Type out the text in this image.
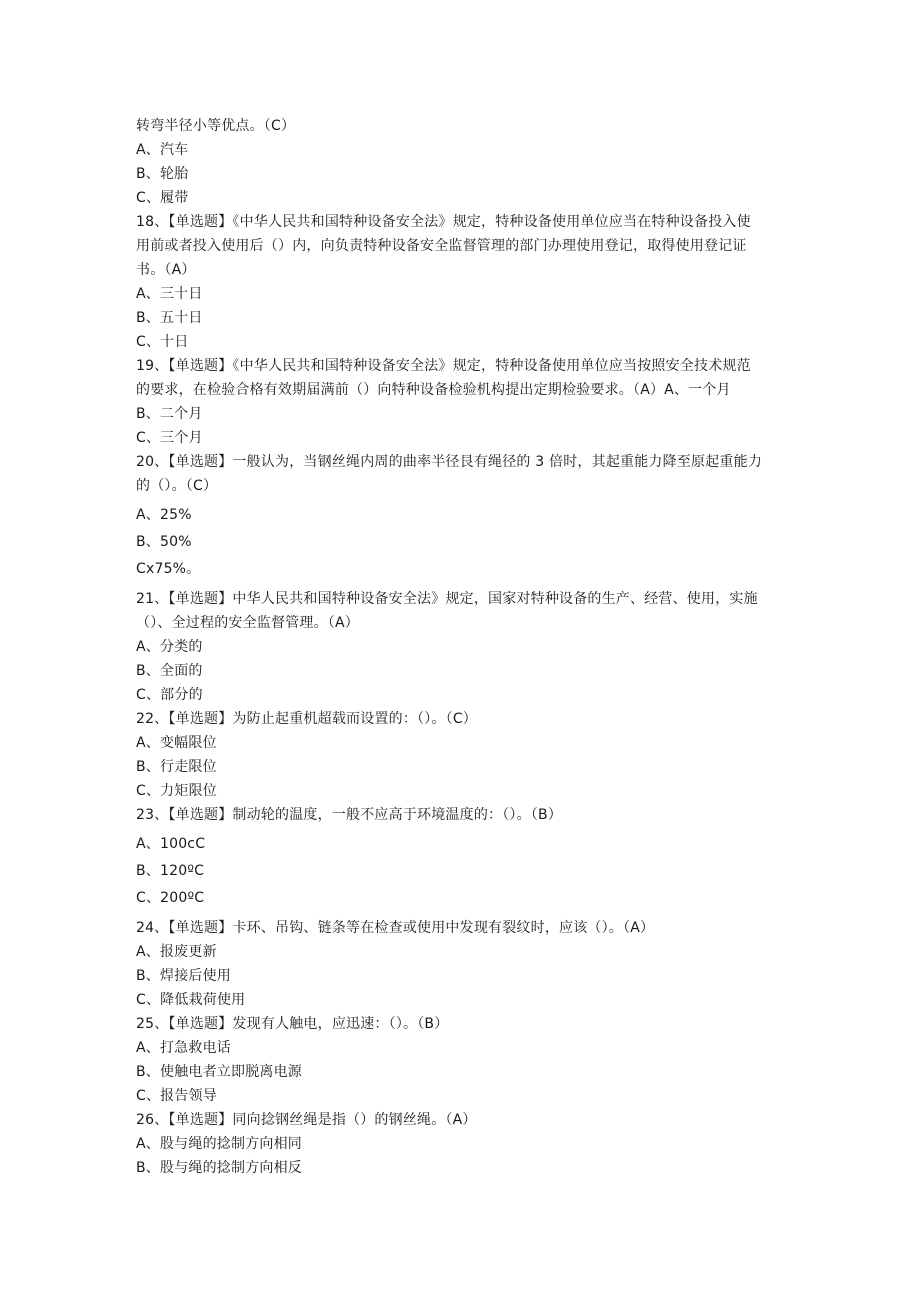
转弯半径小等优点。（C）
A、汽车
B、轮胎
C、履带
18、【单选题】《中华人民共和国特种设备安全法》规定，特种设备使用单位应当在特种设备投入使
用前或者投入使用后（）内，向负责特种设备安全监督管理的部门办理使用登记，取得使用登记证
书。（A）
A、三十日
B、五十日
C、十日
19、【单选题】《中华人民共和国特种设备安全法》规定，特种设备使用单位应当按照安全技术规范
的要求，在检验合格有效期届满前（）向特种设备检验机构提出定期检验要求。（A）A、一个月
B、二个月
C、三个月
20、【单选题】一般认为，当钢丝绳内周的曲率半径艮有绳径的 3 倍时，其起重能力降至原起重能力
的（）。（C）
A、25%
B、50%
Cx75%。
21、【单选题】中华人民共和国特种设备安全法》规定，国家对特种设备的生产、经营、使用，实施
（）、全过程的安全监督管理。（A）
A、分类的
B、全面的
C、部分的
22、【单选题】为防止起重机超载而设置的：（）。（C）
A、变幅限位
B、行走限位
C、力矩限位
23、【单选题】制动轮的温度，一般不应高于环境温度的：（）。（B）
A、100cC
B、120ºC
C、200ºC
24、【单选题】卡环、吊钩、链条等在检查或使用中发现有裂纹时，应该（）。（A）
A、报废更新
B、焊接后使用
C、降低栽荷使用
25、【单选题】发现有人触电，应迅速：（）。（B）
A、打急救电话
B、使触电者立即脱离电源
C、报告领导
26、【单选题】同向捻钢丝绳是指（）的钢丝绳。（A）
A、股与绳的捻制方向相同
B、股与绳的捻制方向相反
